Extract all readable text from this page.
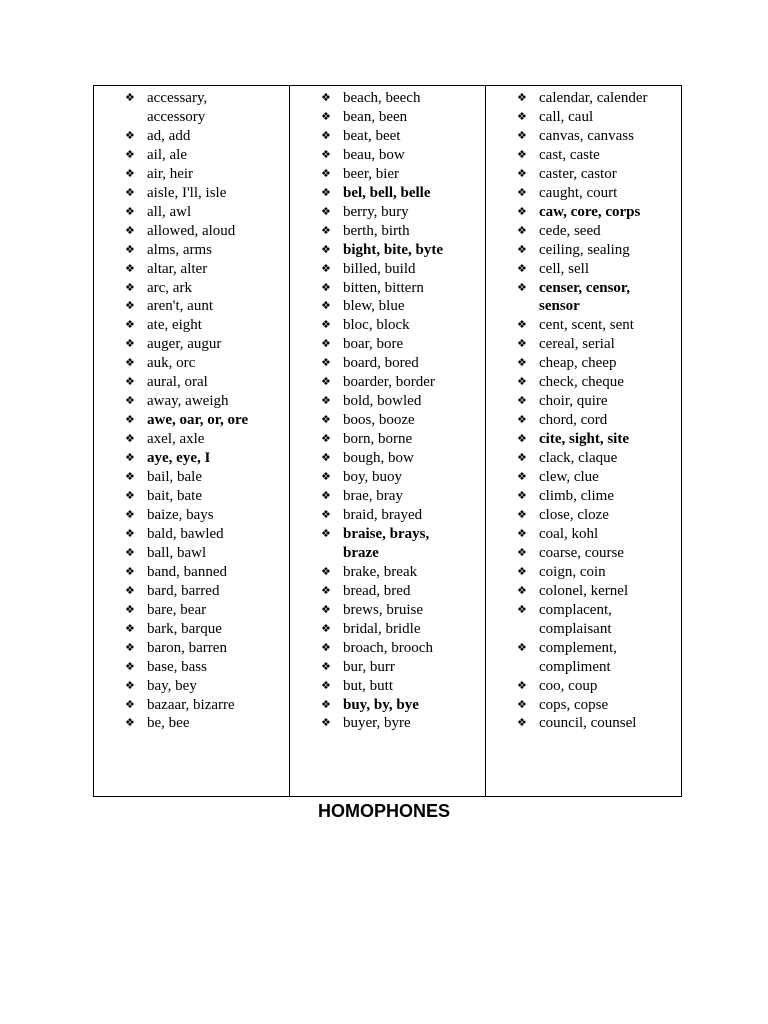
❖ accessary,
accessory
❖ ad, add
❖ ail, ale
❖ air, heir
❖ aisle, I'll, isle
❖ all, awl
❖ allowed, aloud
❖ alms, arms
❖ altar, alter
❖ arc, ark
❖ aren't, aunt
❖ ate, eight
❖ auger, augur
❖ auk, orc
❖ aural, oral
❖ away, aweigh
❖ awe, oar, or, ore
❖ axel, axle
❖ aye, eye, I
❖ bail, bale
❖ bait, bate
❖ baize, bays
❖ bald, bawled
❖ ball, bawl
❖ band, banned
❖ bard, barred
❖ bare, bear
❖ bark, barque
❖ baron, barren
❖ base, bass
❖ bay, bey
❖ bazaar, bizarre
❖ be, bee
❖ beach, beech
❖ bean, been
❖ beat, beet
❖ beau, bow
❖ beer, bier
❖ bel, bell, belle
❖ berry, bury
❖ berth, birth
❖ bight, bite, byte
❖ billed, build
❖ bitten, bittern
❖ blew, blue
❖ bloc, block
❖ boar, bore
❖ board, bored
❖ boarder, border
❖ bold, bowled
❖ boos, booze
❖ born, borne
❖ bough, bow
❖ boy, buoy
❖ brae, bray
❖ braid, brayed
❖ braise, brays,
braze
❖ brake, break
❖ bread, bred
❖ brews, bruise
❖ bridal, bridle
❖ broach, brooch
❖ bur, burr
❖ but, butt
❖ buy, by, bye
❖ buyer, byre
❖ calendar, calender
❖ call, caul
❖ canvas, canvass
❖ cast, caste
❖ caster, castor
❖ caught, court
❖ caw, core, corps
❖ cede, seed
❖ ceiling, sealing
❖ cell, sell
❖ censer, censor,
sensor
❖ cent, scent, sent
❖ cereal, serial
❖ cheap, cheep
❖ check, cheque
❖ choir, quire
❖ chord, cord
❖ cite, sight, site
❖ clack, claque
❖ clew, clue
❖ climb, clime
❖ close, cloze
❖ coal, kohl
❖ coarse, course
❖ coign, coin
❖ colonel, kernel
❖ complacent,
complaisant
❖ complement,
compliment
❖ coo, coup
❖ cops, copse
❖ council, counsel
HOMOPHONES
